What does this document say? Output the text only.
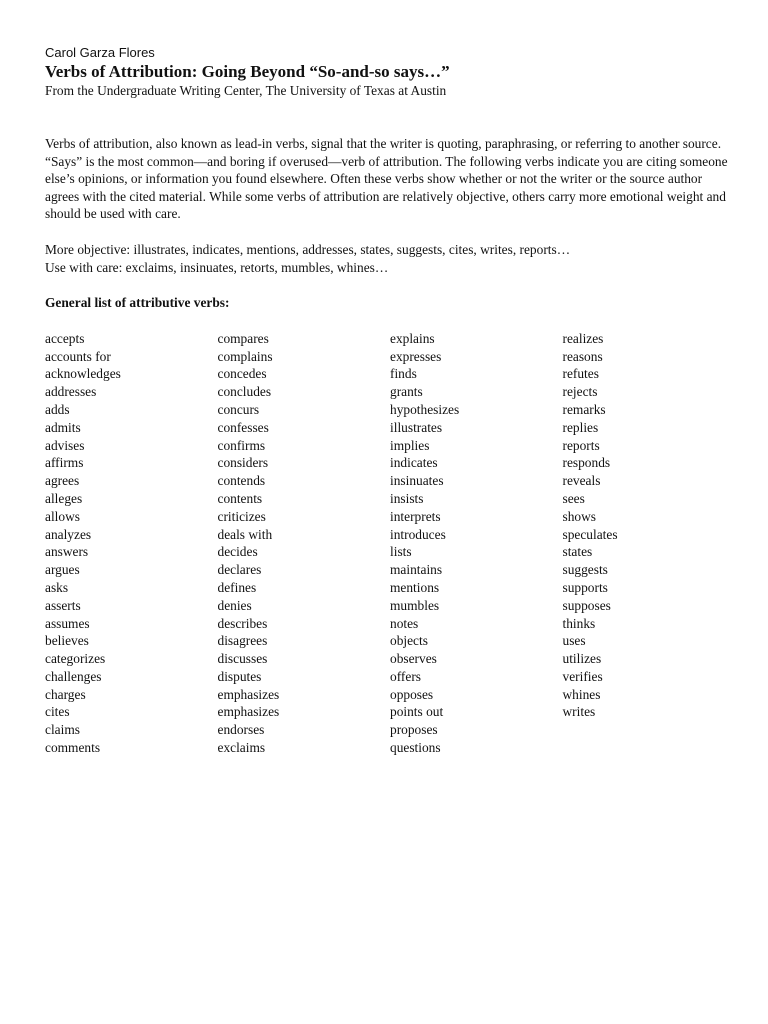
Carol Garza Flores

Verbs of Attribution: Going Beyond “So-and-so says…”

From the Undergraduate Writing Center, The University of Texas at Austin

Verbs of attribution, also known as lead-in verbs, signal that the writer is quoting, paraphrasing, or referring to another source. “Says” is the most common—and boring if overused—verb of attribution. The following verbs indicate you are citing someone else’s opinions, or information you found elsewhere. Often these verbs show whether or not the writer or the source author agrees with the cited material. While some verbs of attribution are relatively objective, others carry more emotional weight and should be used with care.

More objective: illustrates, indicates, mentions, addresses, states, suggests, cites, writes, reports…
Use with care: exclaims, insinuates, retorts, mumbles, whines…
General list of attributive verbs:
accepts
accounts for
acknowledges
addresses
adds
admits
advises
affirms
agrees
alleges
allows
analyzes
answers
argues
asks
asserts
assumes
believes
categorizes
challenges
charges
cites
claims
comments
compares
complains
concedes
concludes
concurs
confesses
confirms
considers
contends
contents
criticizes
deals with
decides
declares
defines
denies
describes
disagrees
discusses
disputes
emphasizes
emphasizes
endorses
exclaims
explains
expresses
finds
grants
hypothesizes
illustrates
implies
indicates
insinuates
insists
interprets
introduces
lists
maintains
mentions
mumbles
notes
objects
observes
offers
opposes
points out
proposes
questions
realizes
reasons
refutes
rejects
remarks
replies
reports
responds
reveals
sees
shows
speculates
states
suggests
supports
supposes
thinks
uses
utilizes
verifies
whines
writes
